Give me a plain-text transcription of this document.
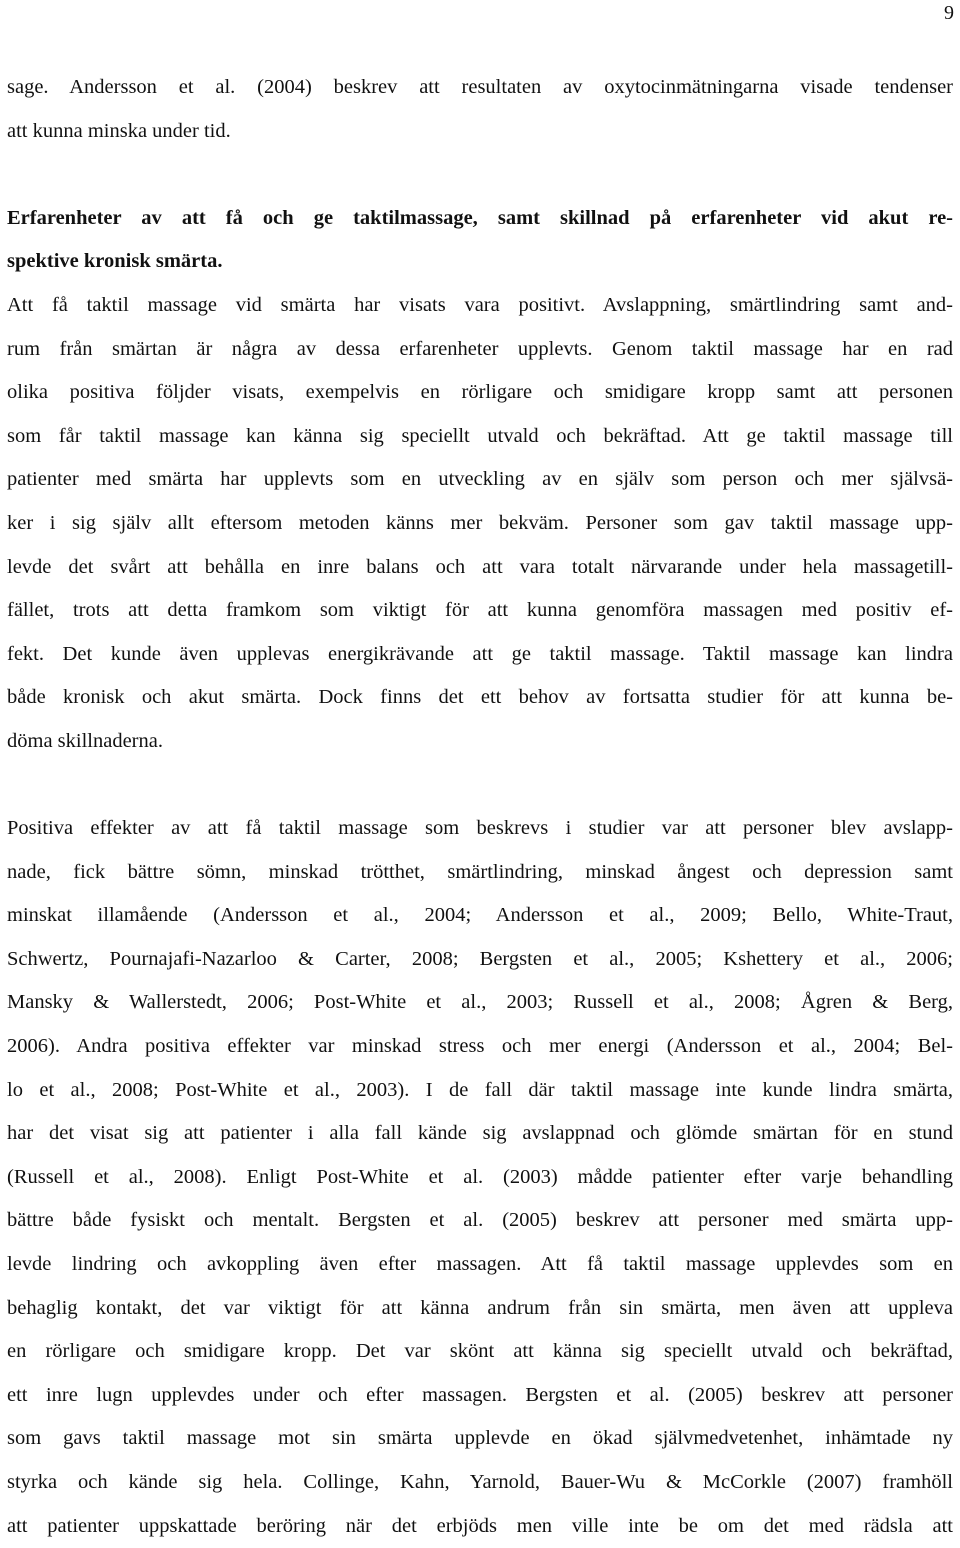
9
sage. Andersson et al. (2004) beskrev att resultaten av oxytocinmätningarna visade tendenser
att kunna minska under tid.
Erfarenheter av att få och ge taktilmassage, samt skillnad på erfarenheter vid akut re-
spektive kronisk smärta.
Att få taktil massage vid smärta har visats vara positivt. Avslappning, smärtlindring samt and-
rum från smärtan är några av dessa erfarenheter upplevts. Genom taktil massage har en rad
olika positiva följder visats, exempelvis en rörligare och smidigare kropp samt att personen
som får taktil massage kan känna sig speciellt utvald och bekräftad. Att ge taktil massage till
patienter med smärta har upplevts som en utveckling av en själv som person och mer självsä-
ker i sig själv allt eftersom metoden känns mer bekväm. Personer som gav taktil massage upp-
levde det svårt att behålla en inre balans och att vara totalt närvarande under hela massagetill-
fället, trots att detta framkom som viktigt för att kunna genomföra massagen med positiv ef-
fekt. Det kunde även upplevas energikrävande att ge taktil massage. Taktil massage kan lindra
både kronisk och akut smärta. Dock finns det ett behov av fortsatta studier för att kunna be-
döma skillnaderna.
Positiva effekter av att få taktil massage som beskrevs i studier var att personer blev avslapp-
nade, fick bättre sömn, minskad trötthet, smärtlindring, minskad ångest och depression samt
minskat illamående (Andersson et al., 2004; Andersson et al., 2009; Bello, White-Traut,
Schwertz, Pournajafi-Nazarloo & Carter, 2008; Bergsten et al., 2005; Kshettery et al., 2006;
Mansky & Wallerstedt, 2006; Post-White et al., 2003; Russell et al., 2008; Ågren & Berg,
2006). Andra positiva effekter var minskad stress och mer energi (Andersson et al., 2004; Bel-
lo et al., 2008; Post-White et al., 2003). I de fall där taktil massage inte kunde lindra smärta,
har det visat sig att patienter i alla fall kände sig avslappnad och glömde smärtan för en stund
(Russell et al., 2008). Enligt Post-White et al. (2003) mådde patienter efter varje behandling
bättre både fysiskt och mentalt. Bergsten et al. (2005) beskrev att personer med smärta upp-
levde lindring och avkoppling även efter massagen. Att få taktil massage upplevdes som en
behaglig kontakt, det var viktigt för att känna andrum från sin smärta, men även att uppleva
en rörligare och smidigare kropp. Det var skönt att känna sig speciellt utvald och bekräftad,
ett inre lugn upplevdes under och efter massagen. Bergsten et al. (2005) beskrev att personer
som gavs taktil massage mot sin smärta upplevde en ökad självmedvetenhet, inhämtade ny
styrka och kände sig hela. Collinge, Kahn, Yarnold, Bauer-Wu & McCorkle (2007) framhöll
att patienter uppskattade beröring när det erbjöds men ville inte be om det med rädsla att
